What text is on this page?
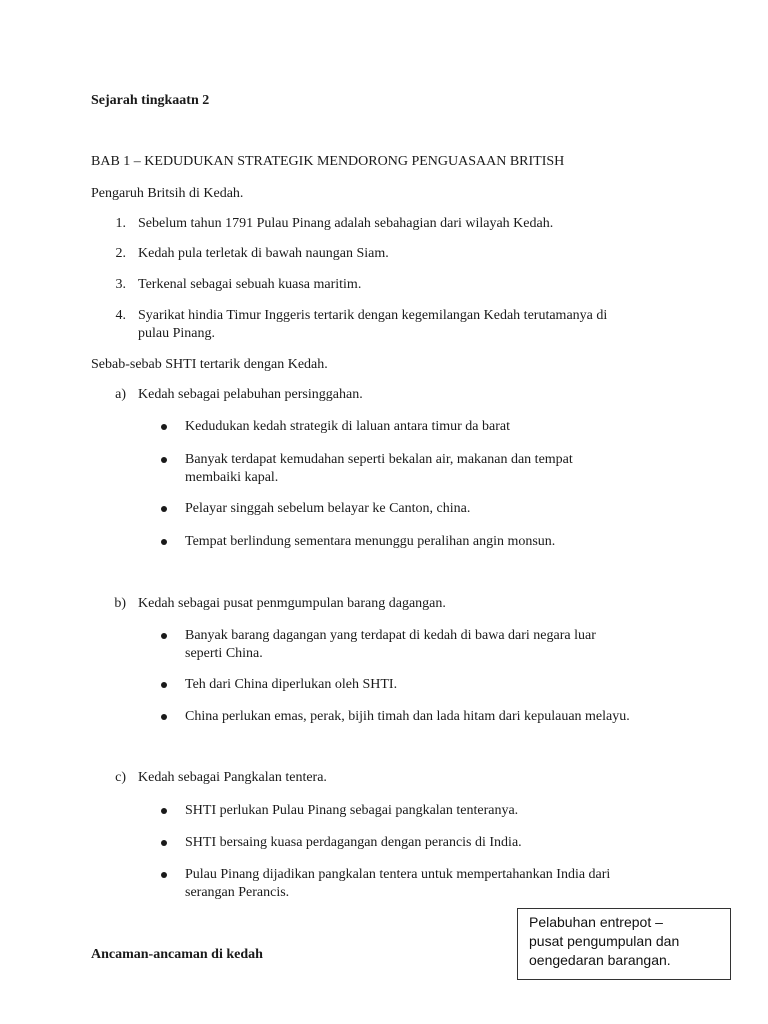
Sejarah tingkaatn 2
BAB 1 – KEDUDUKAN STRATEGIK MENDORONG PENGUASAAN BRITISH
Pengaruh Britsih di Kedah.
1. Sebelum tahun 1791 Pulau Pinang adalah sebahagian dari wilayah Kedah.
2. Kedah pula terletak di bawah naungan Siam.
3. Terkenal sebagai sebuah kuasa maritim.
4. Syarikat hindia Timur Inggeris tertarik dengan kegemilangan Kedah terutamanya di
pulau Pinang.
Sebab-sebab SHTI tertarik dengan Kedah.
a) Kedah sebagai pelabuhan persinggahan.
Kedudukan kedah strategik di laluan antara timur da barat
Banyak terdapat kemudahan seperti bekalan air, makanan dan tempat
membaiki kapal.
Pelayar singgah sebelum belayar ke Canton, china.
Tempat berlindung sementara menunggu peralihan angin monsun.
b) Kedah sebagai pusat penmgumpulan barang dagangan.
Banyak barang dagangan yang terdapat di kedah di bawa dari negara luar
seperti China.
Teh dari China diperlukan oleh SHTI.
China perlukan emas, perak, bijih timah dan lada hitam dari kepulauan melayu.
c) Kedah sebagai Pangkalan tentera.
SHTI perlukan Pulau Pinang sebagai pangkalan tenteranya.
SHTI bersaing kuasa perdagangan dengan perancis di India.
Pulau Pinang dijadikan pangkalan tentera untuk mempertahankan India dari
serangan Perancis.
Ancaman-ancaman di kedah
Pelabuhan entrepot –
pusat pengumpulan dan
oengedaran barangan.
